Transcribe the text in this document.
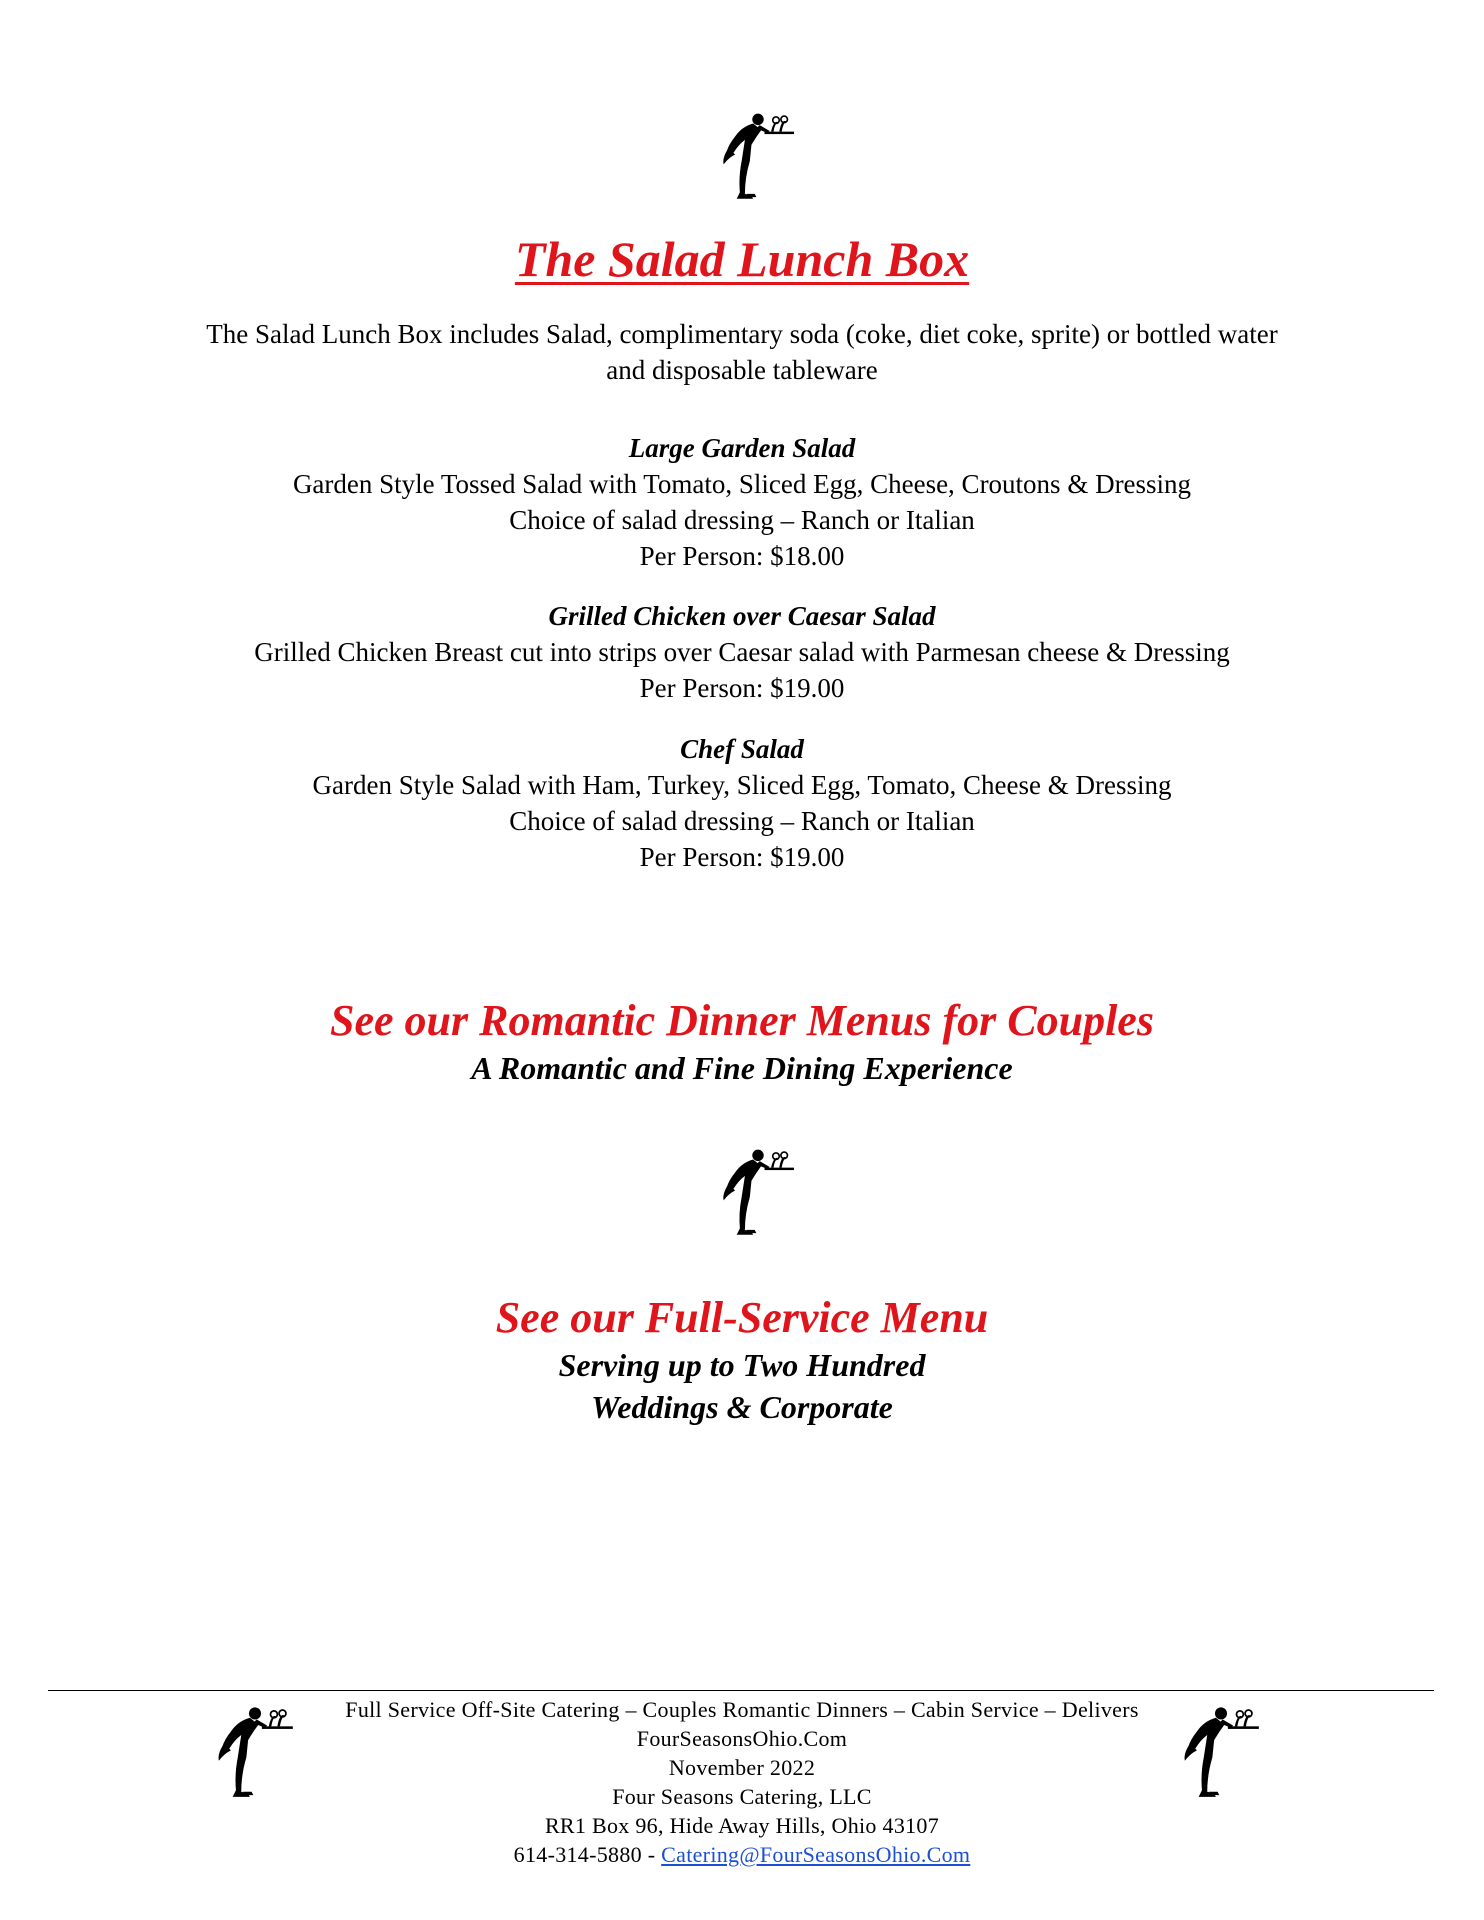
The Salad Lunch Box
The Salad Lunch Box includes Salad, complimentary soda (coke, diet coke, sprite) or bottled water
and disposable tableware
Large Garden Salad
Garden Style Tossed Salad with Tomato, Sliced Egg, Cheese, Croutons & Dressing
Choice of salad dressing – Ranch or Italian
Per Person: $18.00
Grilled Chicken over Caesar Salad
Grilled Chicken Breast cut into strips over Caesar salad with Parmesan cheese & Dressing
Per Person: $19.00
Chef Salad
Garden Style Salad with Ham, Turkey, Sliced Egg, Tomato, Cheese & Dressing
Choice of salad dressing – Ranch or Italian
Per Person: $19.00
See our Romantic Dinner Menus for Couples
A Romantic and Fine Dining Experience
See our Full-Service Menu
Serving up to Two Hundred
Weddings & Corporate
Full Service Off-Site Catering – Couples Romantic Dinners – Cabin Service – Delivers
FourSeasonsOhio.Com
November 2022
Four Seasons Catering, LLC
RR1 Box 96, Hide Away Hills, Ohio 43107
614-314-5880 - Catering@FourSeasonsOhio.Com
